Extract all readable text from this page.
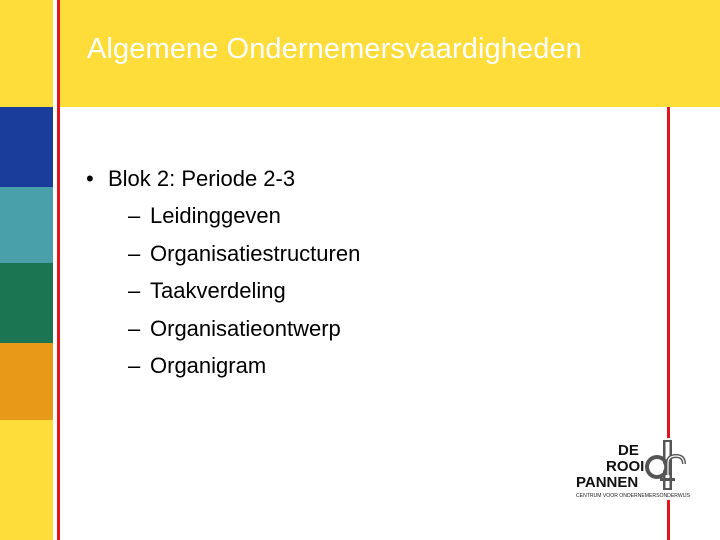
Algemene Ondernemersvaardigheden
• Blok 2: Periode 2-3
– Leidinggeven
– Organisatiestructuren
– Taakverdeling
– Organisatieontwerp
– Organigram
DE
ROOI
PANNEN
CENTRUM VOOR ONDERNEMERSONDERWIJS
